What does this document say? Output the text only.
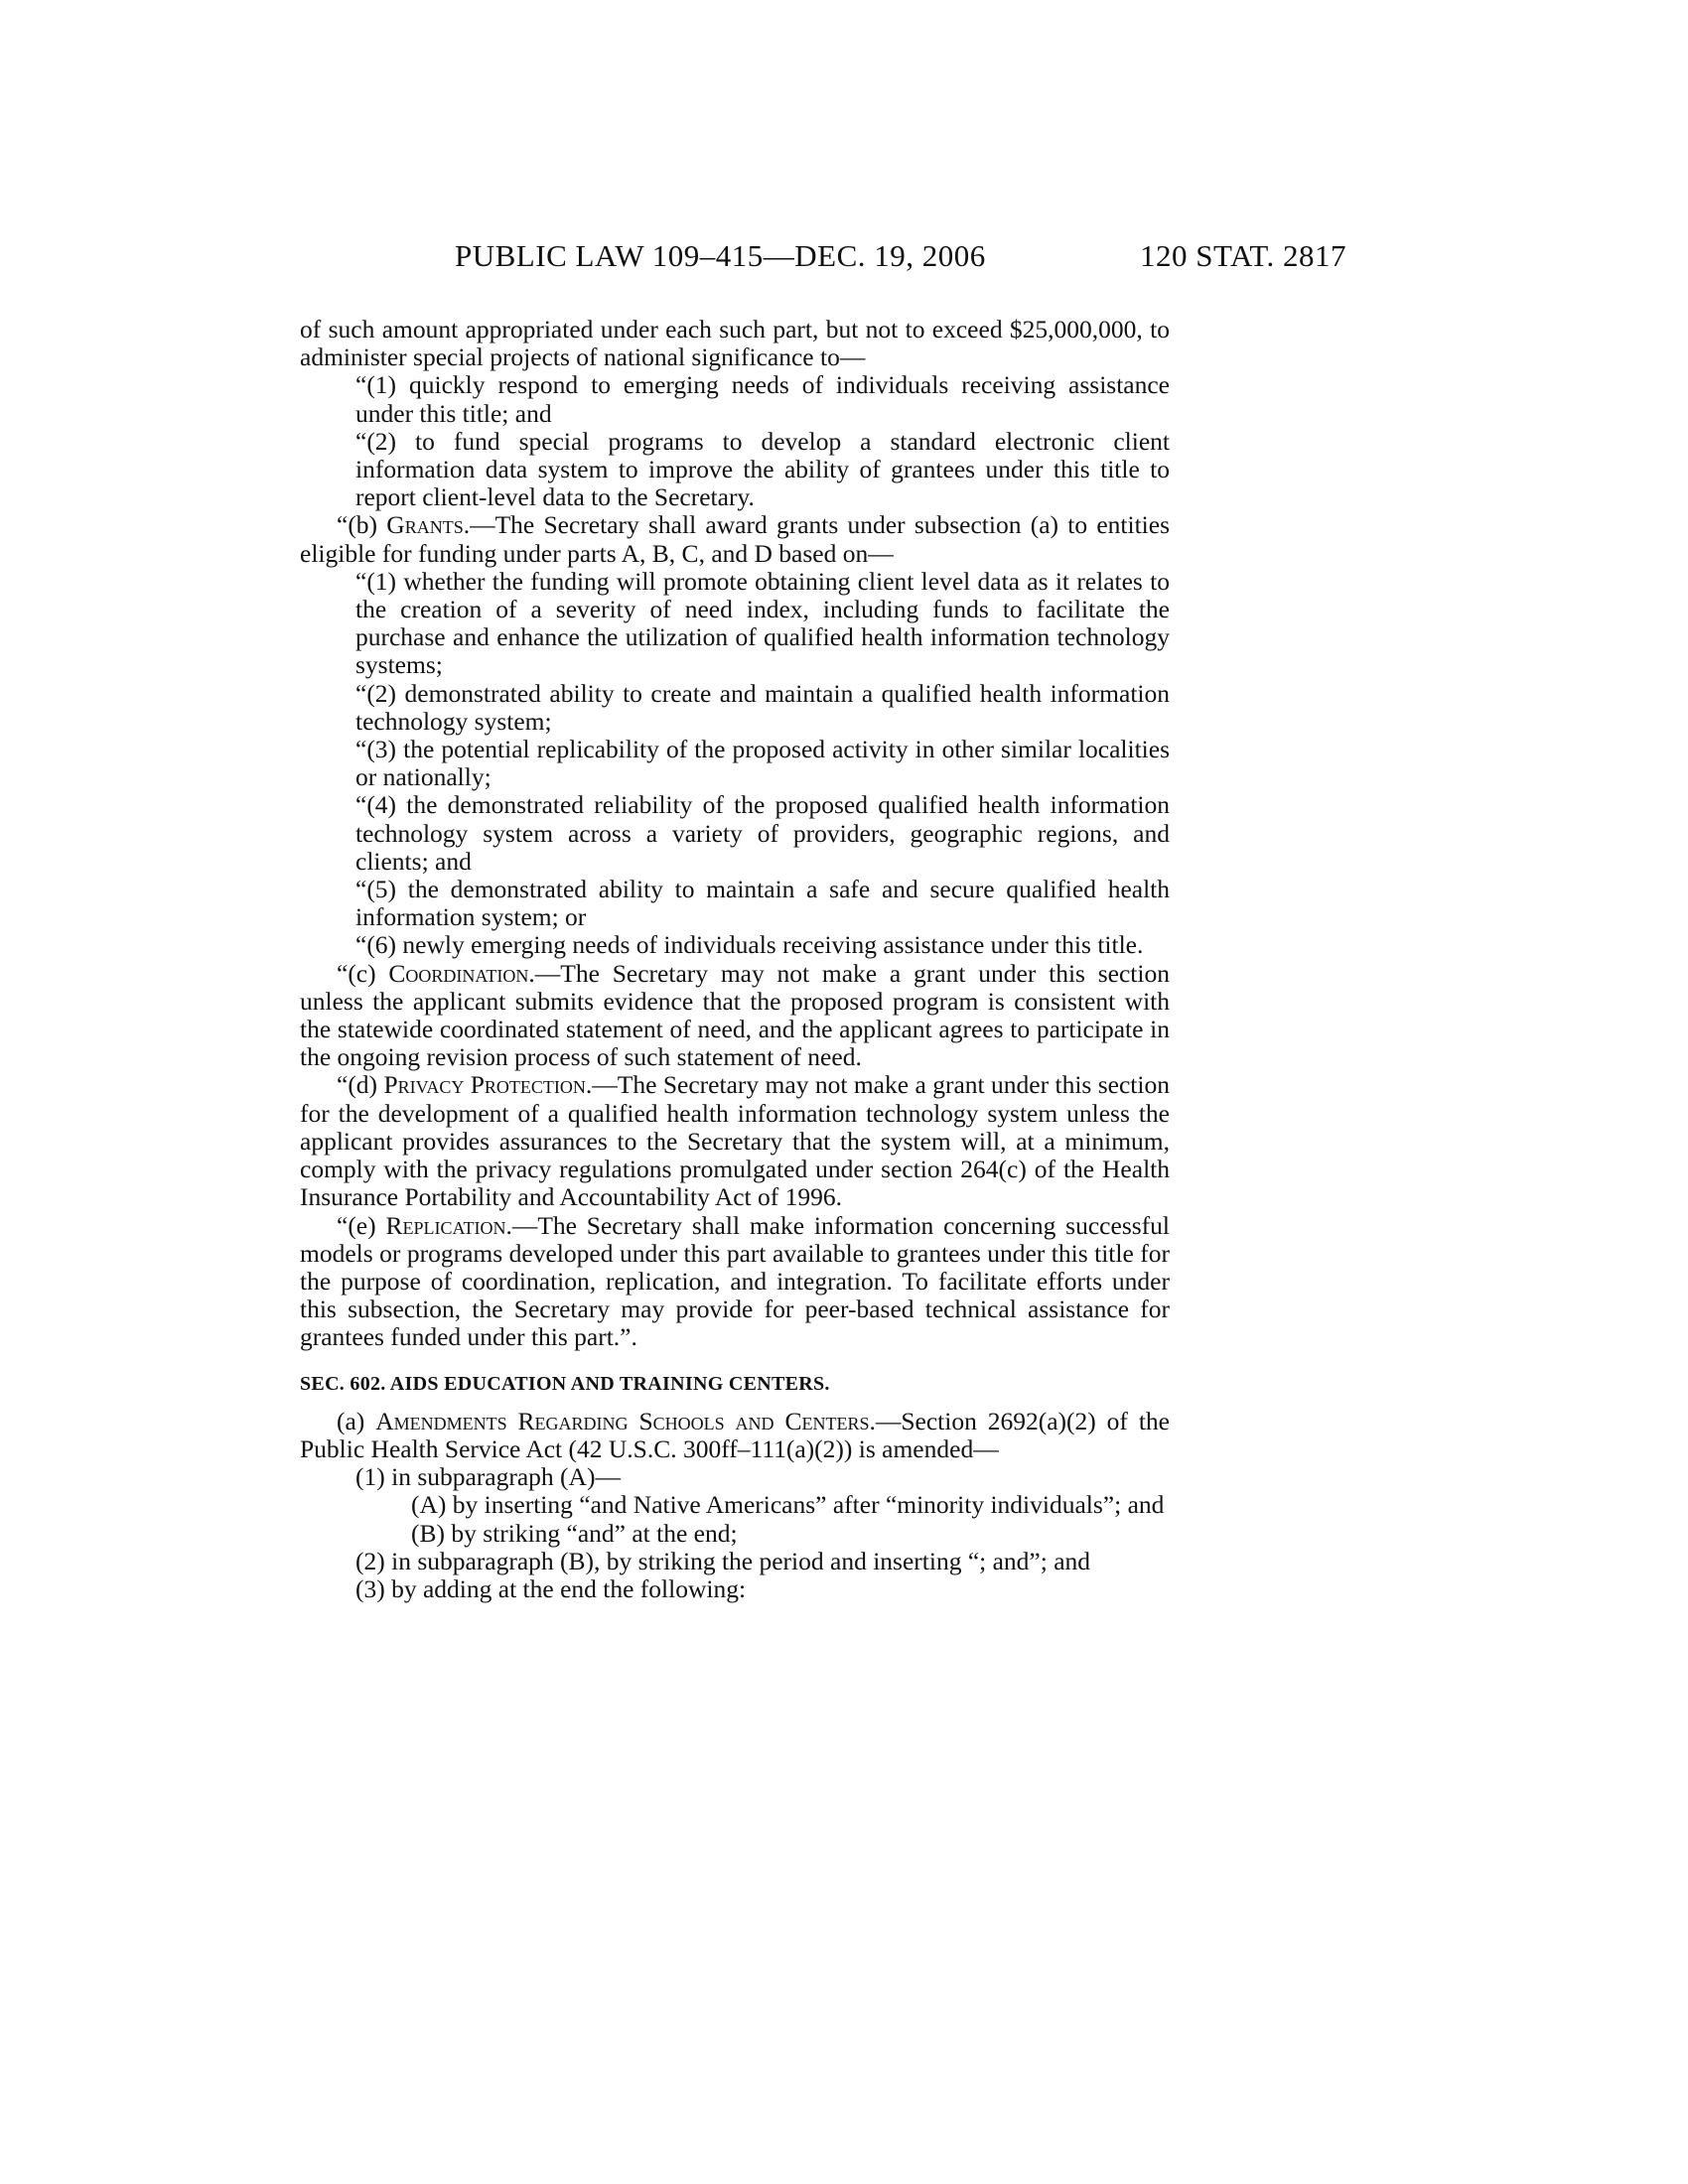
PUBLIC LAW 109–415—DEC. 19, 2006	120 STAT. 2817

of such amount appropriated under each such part, but not to exceed $25,000,000, to administer special projects of national significance to—

“(1) quickly respond to emerging needs of individuals receiving assistance under this title; and

“(2) to fund special programs to develop a standard electronic client information data system to improve the ability of grantees under this title to report client-level data to the Secretary.

“(b) Grants.—The Secretary shall award grants under subsection (a) to entities eligible for funding under parts A, B, C, and D based on—

“(1) whether the funding will promote obtaining client level data as it relates to the creation of a severity of need index, including funds to facilitate the purchase and enhance the utilization of qualified health information technology systems;

“(2) demonstrated ability to create and maintain a qualified health information technology system;

“(3) the potential replicability of the proposed activity in other similar localities or nationally;

“(4) the demonstrated reliability of the proposed qualified health information technology system across a variety of providers, geographic regions, and clients; and

“(5) the demonstrated ability to maintain a safe and secure qualified health information system; or

“(6) newly emerging needs of individuals receiving assistance under this title.

“(c) Coordination.—The Secretary may not make a grant under this section unless the applicant submits evidence that the proposed program is consistent with the statewide coordinated statement of need, and the applicant agrees to participate in the ongoing revision process of such statement of need.

“(d) Privacy Protection.—The Secretary may not make a grant under this section for the development of a qualified health information technology system unless the applicant provides assurances to the Secretary that the system will, at a minimum, comply with the privacy regulations promulgated under section 264(c) of the Health Insurance Portability and Accountability Act of 1996.

“(e) Replication.—The Secretary shall make information concerning successful models or programs developed under this part available to grantees under this title for the purpose of coordination, replication, and integration. To facilitate efforts under this subsection, the Secretary may provide for peer-based technical assistance for grantees funded under this part.”.

SEC. 602. AIDS EDUCATION AND TRAINING CENTERS.

(a) Amendments Regarding Schools and Centers.—Section 2692(a)(2) of the Public Health Service Act (42 U.S.C. 300ff–111(a)(2)) is amended—

(1) in subparagraph (A)—

(A) by inserting “and Native Americans” after “minority individuals”; and

(B) by striking “and” at the end;

(2) in subparagraph (B), by striking the period and inserting “; and”; and

(3) by adding at the end the following:
